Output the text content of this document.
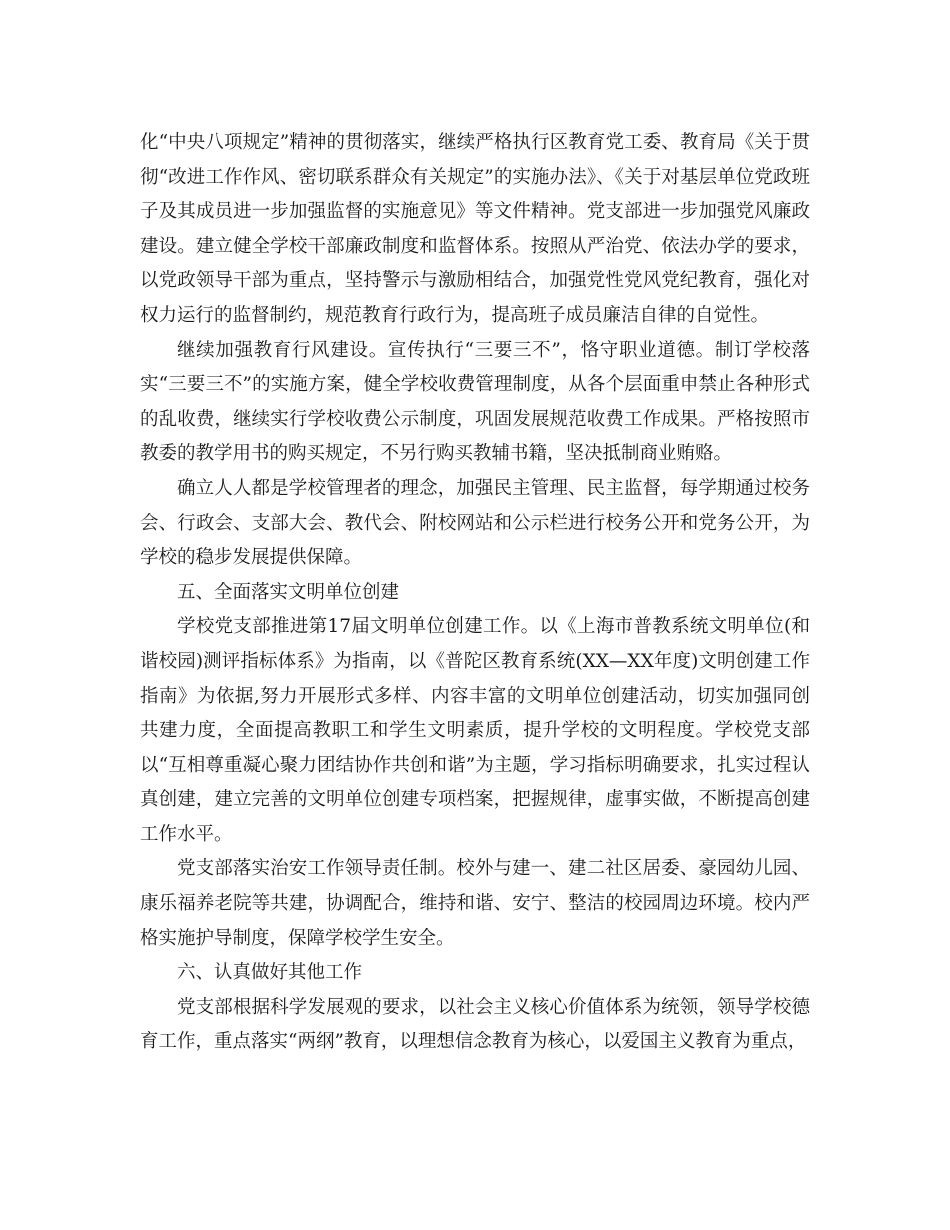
化“中央八项规定”精神的贯彻落实，继续严格执行区教育党工委、教育局《关于贯彻“改进工作作风、密切联系群众有关规定”的实施办法》、《关于对基层单位党政班子及其成员进一步加强监督的实施意见》等文件精神。党支部进一步加强党风廉政建设。建立健全学校干部廉政制度和监督体系。按照从严治党、依法办学的要求，以党政领导干部为重点，坚持警示与激励相结合，加强党性党风党纪教育，强化对权力运行的监督制约，规范教育行政行为，提高班子成员廉洁自律的自觉性。

继续加强教育行风建设。宣传执行“三要三不”，恪守职业道德。制订学校落实“三要三不”的实施方案，健全学校收费管理制度，从各个层面重申禁止各种形式的乱收费，继续实行学校收费公示制度，巩固发展规范收费工作成果。严格按照市教委的教学用书的购买规定，不另行购买教辅书籍，坚决抵制商业贿赂。

确立人人都是学校管理者的理念，加强民主管理、民主监督，每学期通过校务会、行政会、支部大会、教代会、附校网站和公示栏进行校务公开和党务公开，为学校的稳步发展提供保障。

五、全面落实文明单位创建

学校党支部推进第17届文明单位创建工作。以《上海市普教系统文明单位(和谐校园)测评指标体系》为指南，以《普陀区教育系统(XX—XX年度)文明创建工作指南》为依据,努力开展形式多样、内容丰富的文明单位创建活动，切实加强同创共建力度，全面提高教职工和学生文明素质，提升学校的文明程度。学校党支部以“互相尊重凝心聚力团结协作共创和谐”为主题，学习指标明确要求，扎实过程认真创建，建立完善的文明单位创建专项档案，把握规律，虚事实做，不断提高创建工作水平。

党支部落实治安工作领导责任制。校外与建一、建二社区居委、豪园幼儿园、康乐福养老院等共建，协调配合，维持和谐、安宁、整洁的校园周边环境。校内严格实施护导制度，保障学校学生安全。

六、认真做好其他工作

党支部根据科学发展观的要求，以社会主义核心价值体系为统领，领导学校德育工作，重点落实“两纲”教育，以理想信念教育为核心，以爱国主义教育为重点，
